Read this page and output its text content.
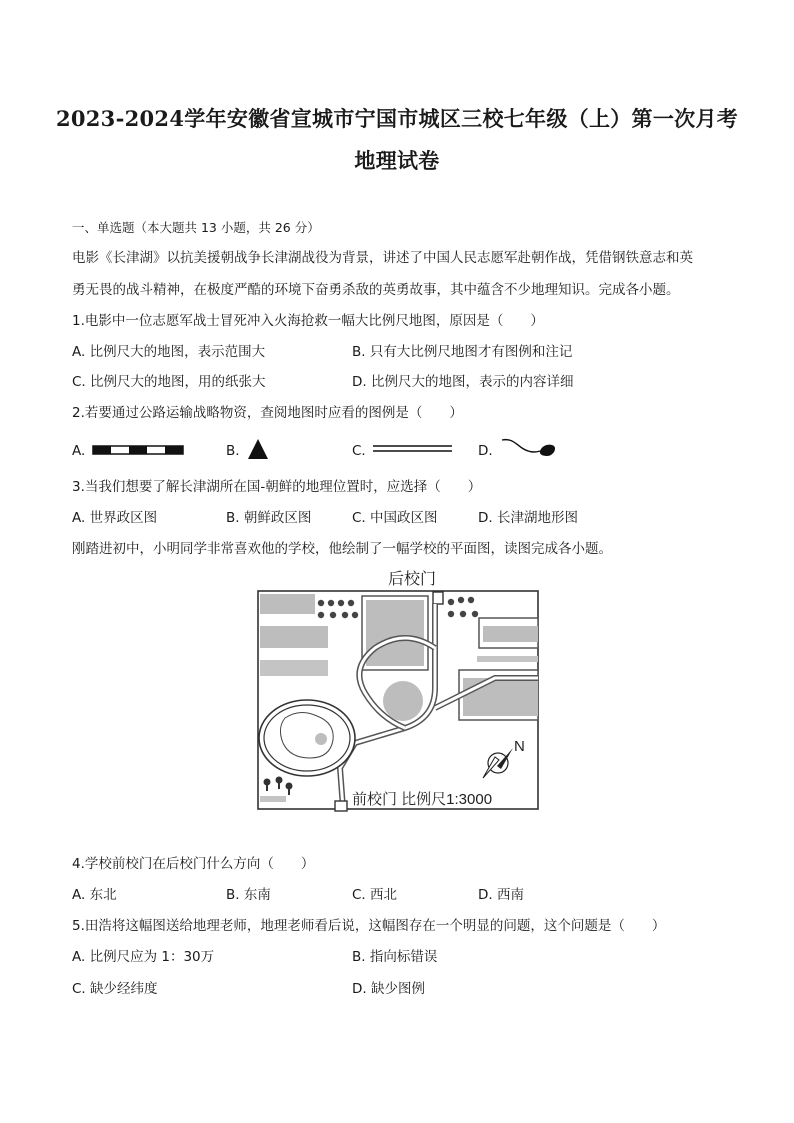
2023-2024学年安徽省宣城市宁国市城区三校七年级（上）第一次月考
地理试卷
一、单选题（本大题共 13 小题，共 26 分）
电影《长津湖》以抗美援朝战争长津湖战役为背景，讲述了中国人民志愿军赴朝作战，凭借钢铁意志和英
勇无畏的战斗精神，在极度严酷的环境下奋勇杀敌的英勇故事，其中蕴含不少地理知识。完成各小题。
1.电影中一位志愿军战士冒死冲入火海抢救一幅大比例尺地图，原因是（　　）
A. 比例尺大的地图，表示范围大	B. 只有大比例尺地图才有图例和注记
C. 比例尺大的地图，用的纸张大	D. 比例尺大的地图，表示的内容详细
2.若要通过公路运输战略物资，查阅地图时应看的图例是（　　）
A.	B.	C.	D.
3.当我们想要了解长津湖所在国-朝鲜的地理位置时，应选择（　　）
A. 世界政区图	B. 朝鲜政区图	C. 中国政区图	D. 长津湖地形图
刚踏进初中，小明同学非常喜欢他的学校，他绘制了一幅学校的平面图，读图完成各小题。
后校门
N
前校门 比例尺1:3000
4.学校前校门在后校门什么方向（　　）
A. 东北	B. 东南	C. 西北	D. 西南
5.田浩将这幅图送给地理老师，地理老师看后说，这幅图存在一个明显的问题，这个问题是（　　）
A. 比例尺应为 1：30万	B. 指向标错误
C. 缺少经纬度	D. 缺少图例
